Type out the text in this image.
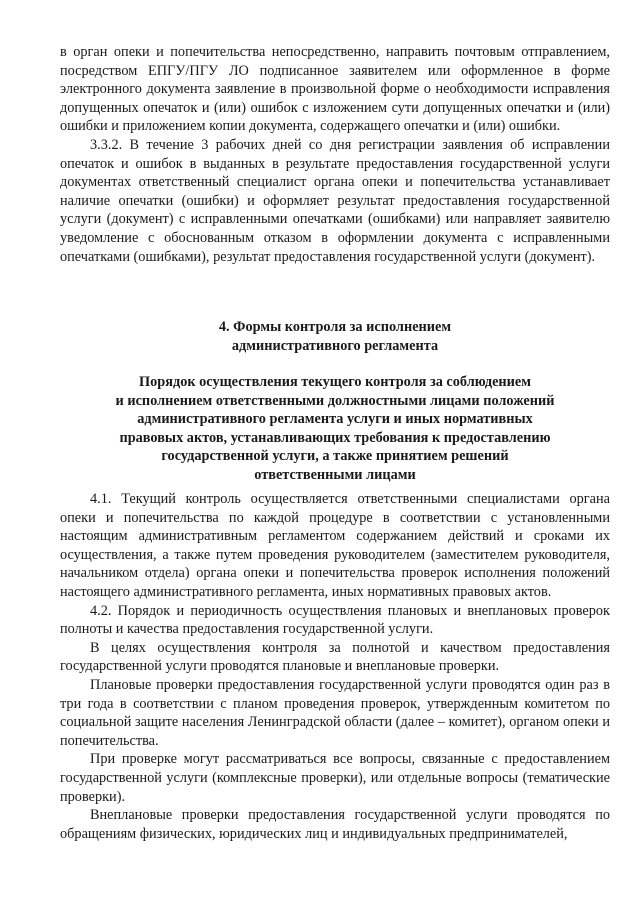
в орган опеки и попечительства непосредственно, направить почтовым отправлением, посредством ЕПГУ/ПГУ ЛО подписанное заявителем или оформленное в форме электронного документа заявление в произвольной форме о необходимости исправления допущенных опечаток и (или) ошибок с изложением сути допущенных опечатки и (или) ошибки и приложением копии документа, содержащего опечатки и (или) ошибки.

3.3.2. В течение 3 рабочих дней со дня регистрации заявления об исправлении опечаток и ошибок в выданных в результате предоставления государственной услуги документах ответственный специалист органа опеки и попечительства устанавливает наличие опечатки (ошибки) и оформляет результат предоставления государственной услуги (документ) с исправленными опечатками (ошибками) или направляет заявителю уведомление с обоснованным отказом в оформлении документа с исправленными опечатками (ошибками), результат предоставления государственной услуги (документ).

4. Формы контроля за исполнением

административного регламента

Порядок осуществления текущего контроля за соблюдением

и исполнением ответственными должностными лицами положений

административного регламента услуги и иных нормативных

правовых актов, устанавливающих требования к предоставлению

государственной услуги, а также принятием решений

ответственными лицами

4.1. Текущий контроль осуществляется ответственными специалистами органа опеки и попечительства по каждой процедуре в соответствии с установленными настоящим административным регламентом содержанием действий и сроками их осуществления, а также путем проведения руководителем (заместителем руководителя, начальником отдела) органа опеки и попечительства проверок исполнения положений настоящего административного регламента, иных нормативных правовых актов.

4.2. Порядок и периодичность осуществления плановых и внеплановых проверок полноты и качества предоставления государственной услуги.

В целях осуществления контроля за полнотой и качеством предоставления государственной услуги проводятся плановые и внеплановые проверки.

Плановые проверки предоставления государственной услуги проводятся один раз в три года в соответствии с планом проведения проверок, утвержденным комитетом по социальной защите населения Ленинградской области (далее – комитет), органом опеки и попечительства.

При проверке могут рассматриваться все вопросы, связанные с предоставлением государственной услуги (комплексные проверки), или отдельные вопросы (тематические проверки).

Внеплановые проверки предоставления государственной услуги проводятся по обращениям физических, юридических лиц и индивидуальных предпринимателей,
